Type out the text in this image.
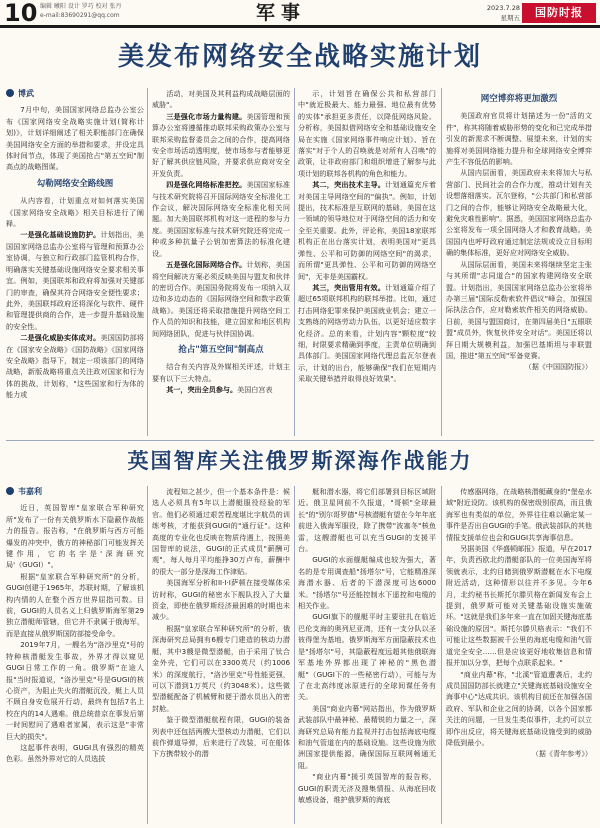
10 编辑 曦阳 设计 罗巧 校对 张丹
e-mail:83690291@qq.com	军事	2023.7.28
星期五	国防时报
美发布网络安全战略实施计划

博武

7月中旬，美国国家网络总监办公室公布《国家网络安全战略实施计划(简称计划)》，计划详细阐述了相关职能部门在确保美国网络安全方面的举措和要求，并设定具体时间节点，体现了美国抢占"第五空间"制高点的战略图谋。

勾勒网络安全路线图

从内容看，计划重点对如何落实美国《国家网络安全战略》相关目标进行了阐释。

一是强化基础设施防护。计划指出，美国国家网络总监办公室将与管理和预算办公室协调，与独立和行政部门监管机构合作，明确落实关键基础设施网络安全要求相关事宜。例如，美国联邦和政府将加强对关键部门的审查，确保其符合网络安全便性要求；此外，美国联邦政府还将深化与软件、硬件和管理提供商的合作，进一步提升基础设施的安全性。

二是强化威胁实体成对。美国国防部将在《国家安全战略》《国防战略》《国家网络安全战略》指导下，制定一项该部门的网络战略，新版战略将重点关注政对国家和行为体的挑战，计划称，"这些国家和行为体的能力或

活动，对美国及其利益构成战略层面的威胁"。

三是强化市场力量构建。美国管理和预算办公室将遵循推动联邦采购政策办公室与联邦采购监督委员会之间的合作，提高网络安全市场活动透明度，使市场参与者能够更好了解其供应链风险，并要求供应商对安全开发负责。

四是强化网络标准把控。美国国家标准与技术研究院将召开国际网络安全标准化工作会议，解决国际网络安全标准化相关问题。加大美国联邦机构对这一进程的参与力度。美国国家标准与技术研究院还将完成一种或多种抗量子公钥加密算法的标准化建设。

五是强化国际网络合作。计划称，美国将空间解决方案必须反映美国与盟友和伙伴的密切合作。美国国务院将发布一项纳入双边和多边动态的《国际网络空间和数字政策战略》。美国还将采取措施提升网络空间工作人员的知识和技能，建立国家和地区机构间网络团队，促进与伙伴国协调。

抢占"第五空间"制高点

结合有关内容及外媒相关评述，计划主要有以下三大特点。

其一，突出全员参与。美国白宫表

示，计划旨在确保公共和私营部门中"就近极最大、能力最强、地位最有优势的实体"承担更多责任，以降低网络风险。分析称，美国拟借网络安全和基础设施安全局在实施《国家网络事件响应计划》、旨在落实"对于个人的召唤就是对所有人召唤"的政策，让非政府部门和组织增进了解参与此项计划的联邦各机构的角色和能力。

其二，突出技术主导。计划通篇充斥着对美国主导网络空间的"偏执"。例如，计划提出，技术标准是互联网的基础，美国在这一领域的领导地位对于网络空间的活力和安全至关重要。此外，评论称，美国18家联邦机构正在出台落实计划，表明美国对"更具弹性、公平和可防御的网络空间"的渴求，而所谓"更具弹性、公平和可防御的网络空间"，无非是美国霸权。

其三，突出管用有效。计划通篇介绍了超过65项联邦机构的联邦举措。比如，通过打击网络犯罪来保护美国就业机会；建立一支熟练的网络劳动力队伍，以更好适应数字化经济。总的来看，计划内容"颗粒度"较细，时限要求精确到季度，主责单位明确到具体部门。美国国家网络代理总监瓦尔登表示，计划的出台，能够确保"我们在短期内采取关键举措并取得良好效果"。

网空博弈将更加激烈

美国政府官员将计划描述为一份"活的文件"，称其将随着威胁形势的变化和已完成举措引发的新需求不断调整、展望未来，计划的实施将对美国网络能力提升和全球网络安全博弈产生不容低估的影响。

从国内层面看，美国政府未来将加大与私营部门、民间社会的合作力度，推动计划有关设想落细落实。瓦尔登称，"公共部门和私营部门之间的合作，能够让网络安全战略最大化，避免灾难性影响"。据悉，美国国家网络总监办公室将发布一项全国网络人才和教育战略。美国国内也呼吁政府通过制定法规或设立目标明确的集体标准，更好应对网络安全威胁。

从国际层面看，美国未来将继续坚定主张与其所谓"志同道合"的国家构建网络安全联盟。计划指出，美国国家网络总监办公室将举办第三届"国际反勒索软件倡议"峰会，加强国际执法合作，应对勒索软件相关的网络威胁。日前，美国与盟国商讨，在第四届美日"五眼联盟"成员外，恢复伙伴安全对话"。美国还将以拜日期大规模利益，加强巴基斯坦与非联盟国，推进"第五空间"军备竞赛。

（据《中国国防报》）

英国智库关注俄罗斯深海作战能力

韦嘉利

近日，英国智库"皇家联合军种研究所"发布了一份有关俄罗斯水下隐蔽作战能力的报告。报告称，"在俄罗斯与西方可能爆发的冲突中，俄方的神秘部门可能发挥关键作用，它的名字是'深海研究局'（GUGI）"。

根据"皇家联合军种研究所"的分析，GUGI创建于1965年，苏联时期，了解该机构内情的人在整个西方世界屈指可数。目前，GUGI的人员名义上归俄罗斯海军第29独立潜艇师管辖，但它并不隶属于俄海军，而是直接从俄罗斯国防部接受命令。

2019年7月，一艘名为"洛沙里克"号的特种核潜艇发生事故，外界才得以窥见GUGI日常工作的一角。俄罗斯"在途人报"当时报道说，"洛沙里克"号是GUGI的核心资产，为阻止失火的潜艇沉没，艇上人员不顾自身安危展开行动，最终有包括7名上校在内的14人遇难。俄总统普京在事发后第一时间慰问了遇难者家属，表示这是"非常巨大的损失"。

这起事件表明，GUGI具有强烈的精英色彩。虽然外界对它的人员选拔

流程知之甚少，但一个基本条件是：候选人必须具有5年以上潜艇服役经验的军官。他们必须通过艰苦程度堪比宇航员的训练考核，才能获到GUGI的"通行证"。这种高度的专业化也反映在物质待遇上，按照美国智库的说法，GUGI的正式成员"薪酬可观"，每人每月平均能挣30万卢布，薪酬中的很大一部分是深海工作津贴。

美国海军分析和II·I·I萨顿在接受媒体采访时称，GUGI的秘密水下舰队投入了大量资金，即使在俄罗斯经济最困难的时期也未减少。

根据"皇家联合军种研究所"的分析，俄深海研究总局拥有6艘专门建造的核动力潜艇，其中3艘是微型潜艇，由于采用了钛合金外壳，它们可以在3300英尺（约1006米）的深度航行，"洛沙里克"号性能更强，可以下潜到1万英尺（约3048米）。这些微型潜艇配备了机械臂和便于潜水员出入的密封舱。

鉴于微型潜艇航程有限，GUGI的装备列表中还包括两艘大型核动力潜艇，它们以前作弹道导弹，后来进行了改装，可在船体下方携带较小的潜

艇和潜水器，将它们部署到目标区域附近。俄卫星网前不久报道，"哥顿"全球最长"的"别尔哥罗德"号核潜艇有望在今年年底前进入俄海军服役，除了携带"波塞冬"核鱼雷，这艘潜艇也可以充当GUGI的支援平台。

GUGI的水面舰艇编成也较为强大，著名的是专用调查船"扬塔尔"号，它能精准深海潜水器、后者的下潜深度可达6000米。"扬塔尔"号还能控制水下遥控和电缆的相关作业。

GUGI旗下的舰艇平时主要驻扎在临近巴伦支海的奥列尼亚湾，还有一支分队以圣彼得堡为基地。俄罗斯海军方面隐蔽技术也是"扬塔尔"号，其隐蔽程度远超其他俄联海军基地外界都出现了神秘的"黑色潜艇"（GUGI下的一些秘密行动），可能与为了在北高纬度冰原进行的全球间谍任务有关。

美国"商业内幕"网站指出，作为俄罗斯武装部队中最神秘、最精锐的力量之一，深海研究总局有能力监视并打击包括海底电缆和油气管道在内的基础设施。这些设施为欧洲国家提供能源，确保国际互联网畅通无阻。

"商业内幕"援引英国智库的报告称，GUGI的职责无济及搜集情报、从海底回收敏感设备，维护俄罗斯的海底

传感器网络，在战略核潜艇藏身的"堡垒水域"附近设防。该机构的保密级别很高，而且俄海军也有类似的单位，外界往往难以确定某一事件是否出自GUGI的手笔。俄武装部队的其他情报支援单位也会和GUGI共享海事信息。

另据美国《华盛顿邮报》报道，早在2017年，负责西欧北约潜艇部队的一位美国海军将领就表示，北约目睹到俄罗斯潜艇在水下电缆附近活动，这种情形以往并不多见。今年6月，北约秘书长斯托尔滕贝格在新闻发布会上提到，俄罗斯可能对关键基础设施实施破坏。"这就是我们多年来一直在加固关键海底基础设施的原因"。斯托尔滕贝格表示："我们不可能让这些数据被千公里的海底电缆和油气管道完全安全……但是应该更好地收集信息和情报并加以分享，把每个点联系起来。"

"商业内幕"称，"北溪"管道遭袭后，北约成员国国防部长就建立"关键海底基础设施安全海事中心"达成共识。该机构目前还在加强各国政府、军队和企业之间的协调，以各个国家都关注的问题，一旦发生类似事件，北约可以立即作出反应，将关键海底基础设施受到的威胁降低到最小。

（据《青年参考》）
